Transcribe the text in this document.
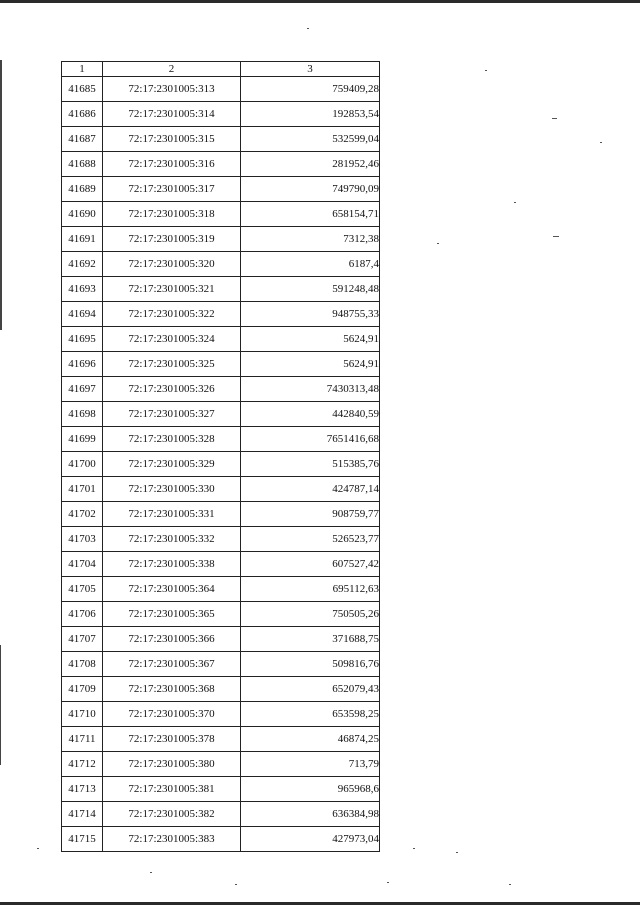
1	2	3
41685	72:17:2301005:313	759409,28
41686	72:17:2301005:314	192853,54
41687	72:17:2301005:315	532599,04
41688	72:17:2301005:316	281952,46
41689	72:17:2301005:317	749790,09
41690	72:17:2301005:318	658154,71
41691	72:17:2301005:319	7312,38
41692	72:17:2301005:320	6187,4
41693	72:17:2301005:321	591248,48
41694	72:17:2301005:322	948755,33
41695	72:17:2301005:324	5624,91
41696	72:17:2301005:325	5624,91
41697	72:17:2301005:326	7430313,48
41698	72:17:2301005:327	442840,59
41699	72:17:2301005:328	7651416,68
41700	72:17:2301005:329	515385,76
41701	72:17:2301005:330	424787,14
41702	72:17:2301005:331	908759,77
41703	72:17:2301005:332	526523,77
41704	72:17:2301005:338	607527,42
41705	72:17:2301005:364	695112,63
41706	72:17:2301005:365	750505,26
41707	72:17:2301005:366	371688,75
41708	72:17:2301005:367	509816,76
41709	72:17:2301005:368	652079,43
41710	72:17:2301005:370	653598,25
41711	72:17:2301005:378	46874,25
41712	72:17:2301005:380	713,79
41713	72:17:2301005:381	965968,6
41714	72:17:2301005:382	636384,98
41715	72:17:2301005:383	427973,04
